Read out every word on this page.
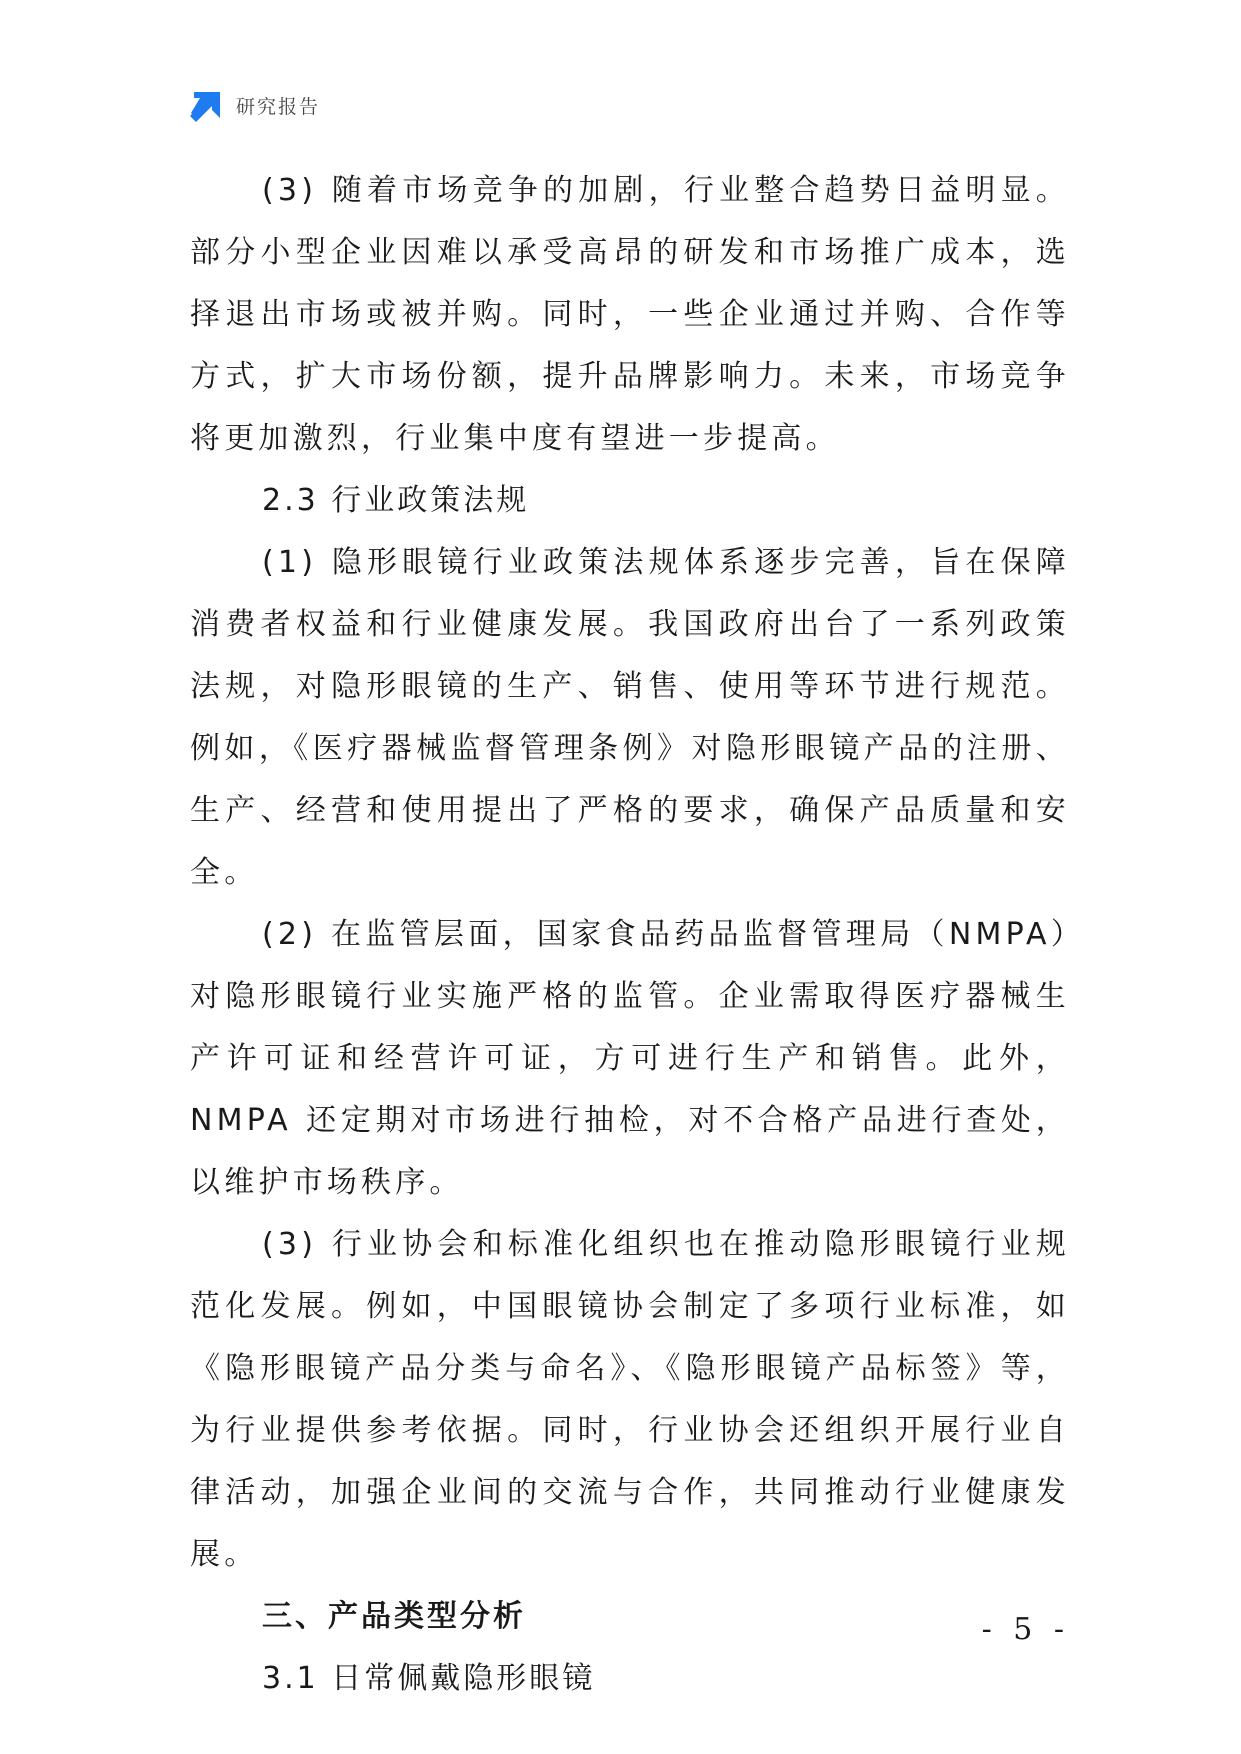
研究报告

(3) 随着市场竞争的加剧，行业整合趋势日益明显。部分小型企业因难以承受高昂的研发和市场推广成本，选择退出市场或被并购。同时，一些企业通过并购、合作等方式，扩大市场份额，提升品牌影响力。未来，市场竞争将更加激烈，行业集中度有望进一步提高。

2.3 行业政策法规

(1) 隐形眼镜行业政策法规体系逐步完善，旨在保障消费者权益和行业健康发展。我国政府出台了一系列政策法规，对隐形眼镜的生产、销售、使用等环节进行规范。例如，《医疗器械监督管理条例》对隐形眼镜产品的注册、生产、经营和使用提出了严格的要求，确保产品质量和安全。

(2) 在监管层面，国家食品药品监督管理局（NMPA）对隐形眼镜行业实施严格的监管。企业需取得医疗器械生产许可证和经营许可证，方可进行生产和销售。此外，NMPA 还定期对市场进行抽检，对不合格产品进行查处，以维护市场秩序。

(3) 行业协会和标准化组织也在推动隐形眼镜行业规范化发展。例如，中国眼镜协会制定了多项行业标准，如《隐形眼镜产品分类与命名》、《隐形眼镜产品标签》等，为行业提供参考依据。同时，行业协会还组织开展行业自律活动，加强企业间的交流与合作，共同推动行业健康发展。

三、产品类型分析

3.1 日常佩戴隐形眼镜

- 5 -
